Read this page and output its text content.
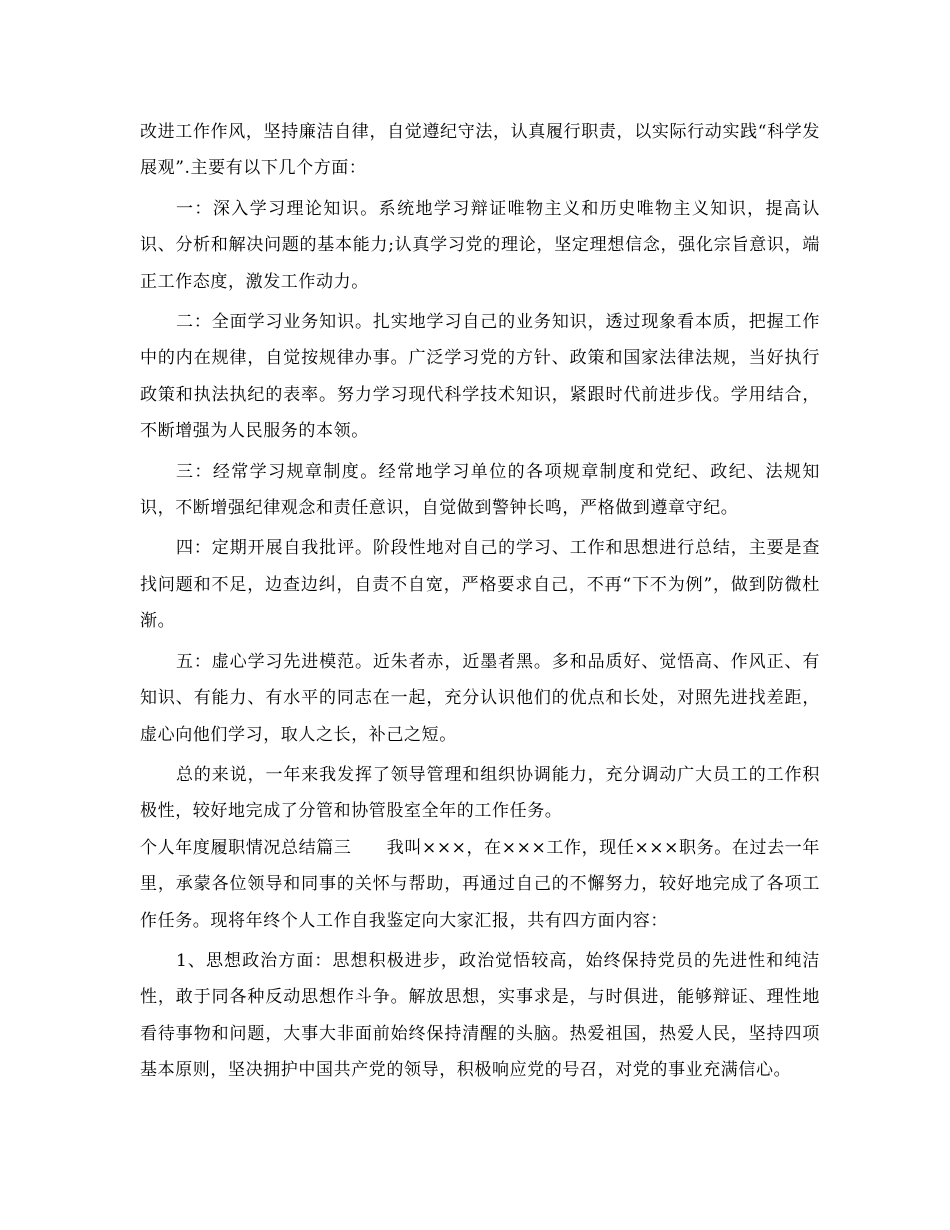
改进工作作风，坚持廉洁自律，自觉遵纪守法，认真履行职责，以实际行动实践“科学发展观”.主要有以下几个方面：

一：深入学习理论知识。系统地学习辩证唯物主义和历史唯物主义知识，提高认识、分析和解决问题的基本能力;认真学习党的理论，坚定理想信念，强化宗旨意识，端正工作态度，激发工作动力。

二：全面学习业务知识。扎实地学习自己的业务知识，透过现象看本质，把握工作中的内在规律，自觉按规律办事。广泛学习党的方针、政策和国家法律法规，当好执行政策和执法执纪的表率。努力学习现代科学技术知识，紧跟时代前进步伐。学用结合，不断增强为人民服务的本领。

三：经常学习规章制度。经常地学习单位的各项规章制度和党纪、政纪、法规知识，不断增强纪律观念和责任意识，自觉做到警钟长鸣，严格做到遵章守纪。

四：定期开展自我批评。阶段性地对自己的学习、工作和思想进行总结，主要是查找问题和不足，边查边纠，自责不自宽，严格要求自己，不再“下不为例”，做到防微杜渐。

五：虚心学习先进模范。近朱者赤，近墨者黑。多和品质好、觉悟高、作风正、有知识、有能力、有水平的同志在一起，充分认识他们的优点和长处，对照先进找差距，虚心向他们学习，取人之长，补己之短。

总的来说，一年来我发挥了领导管理和组织协调能力，充分调动广大员工的工作积极性，较好地完成了分管和协管股室全年的工作任务。

个人年度履职情况总结篇三　　我叫×××，在×××工作，现任×××职务。在过去一年里，承蒙各位领导和同事的关怀与帮助，再通过自己的不懈努力，较好地完成了各项工作任务。现将年终个人工作自我鉴定向大家汇报，共有四方面内容：

1、思想政治方面：思想积极进步，政治觉悟较高，始终保持党员的先进性和纯洁性，敢于同各种反动思想作斗争。解放思想，实事求是，与时俱进，能够辩证、理性地看待事物和问题，大事大非面前始终保持清醒的头脑。热爱祖国，热爱人民，坚持四项基本原则，坚决拥护中国共产党的领导，积极响应党的号召，对党的事业充满信心。
